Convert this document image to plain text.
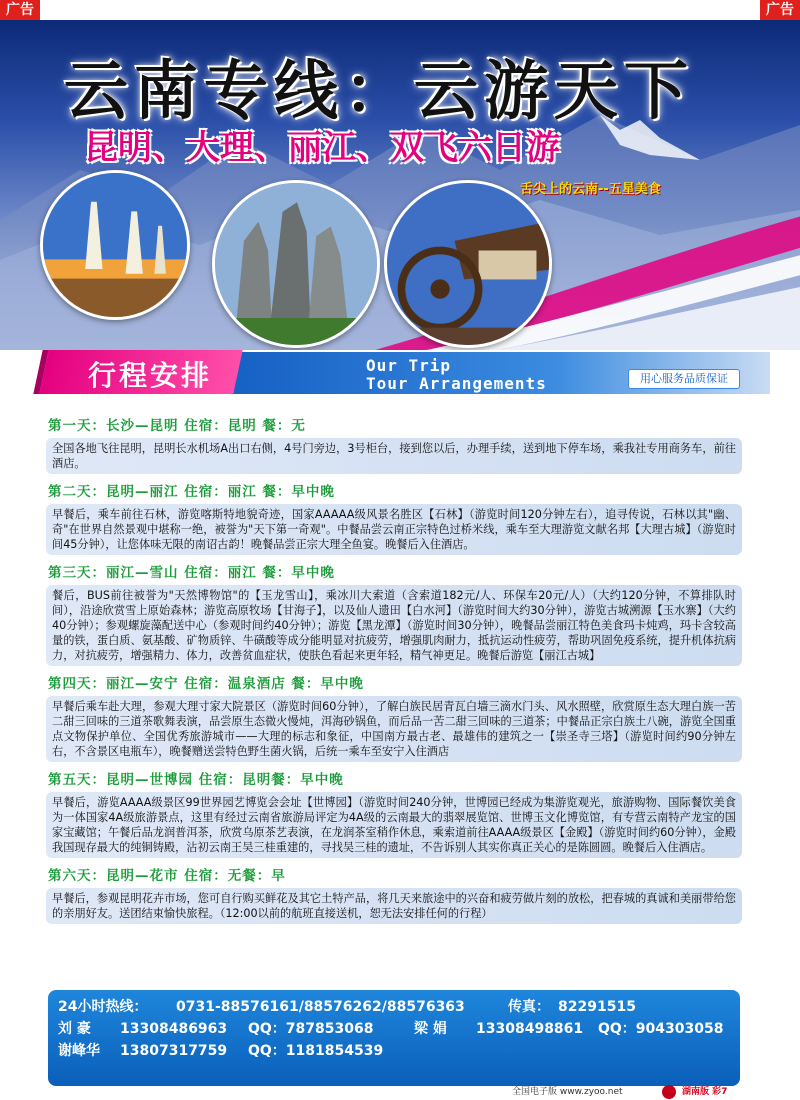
广告	广告
云南专线：云游天下
昆明、大理、丽江、双飞六日游
舌尖上的云南--五星美食
行程安排	Our Trip
Tour Arrangements	用心服务品质保证
第一天：长沙—昆明 住宿：昆明 餐：无
全国各地飞往昆明，昆明长水机场A出口右侧，4号门旁边，3号柜台，接到您以后，办理手续，送到地下停车场，乘我社专用商务车，前往酒店。
第二天：昆明—丽江 住宿：丽江 餐：早中晚
早餐后，乘车前往石林，游览喀斯特地貌奇迹，国家AAAAA级风景名胜区【石林】（游览时间120分钟左右），追寻传说，石林以其"幽、奇"在世界自然景观中堪称一绝，被誉为"天下第一奇观"。中餐品尝云南正宗特色过桥米线，乘车至大理游览文献名邦【大理古城】（游览时间45分钟），让您体味无限的南诏古韵！晚餐品尝正宗大理全鱼宴。晚餐后入住酒店。
第三天：丽江—雪山 住宿：丽江 餐：早中晚
餐后，BUS前往被誉为"天然博物馆"的【玉龙雪山】，乘冰川大索道（含索道182元/人、环保车20元/人）（大约120分钟，不算排队时间），沿途欣赏雪上原始森林；游览高原牧场【甘海子】，以及仙人遗田【白水河】（游览时间大约30分钟），游览古城溯源【玉水寨】（大约40分钟）；参观螺旋藻配送中心（参观时间约40分钟）；游览【黑龙潭】（游览时间30分钟），晚餐品尝丽江特色美食玛卡炖鸡，玛卡含较高量的铁，蛋白质、氨基酸、矿物质锌、牛磺酸等成分能明显对抗疲劳，增强肌肉耐力，抵抗运动性疲劳，帮助巩固免疫系统，提升机体抗病力，对抗疲劳，增强精力、体力，改善贫血症状，使肤色看起来更年轻，精气神更足。晚餐后游览【丽江古城】
第四天：丽江—安宁 住宿：温泉酒店 餐：早中晚
早餐后乘车赴大理，参观大理寸家大院景区（游览时间60分钟），了解白族民居青瓦白墙三滴水门头、风水照壁，欣赏原生态大理白族一苦二甜三回味的三道茶歌舞表演，品尝原生态微火慢炖，洱海砂锅鱼，而后品一苦二甜三回味的三道茶；中餐品正宗白族土八碗，游览全国重点文物保护单位、全国优秀旅游城市——大理的标志和象征，中国南方最古老、最雄伟的建筑之一【崇圣寺三塔】（游览时间约90分钟左右，不含景区电瓶车），晚餐赠送尝特色野生菌火锅，后统一乘车至安宁入住酒店
第五天：昆明—世博园 住宿：昆明餐：早中晚
早餐后，游览AAAA级景区99世界园艺博览会会址【世博园】（游览时间240分钟，世博园已经成为集游览观光，旅游购物、国际餐饮美食为一体国家4A级旅游景点，这里有经过云南省旅游局评定为4A级的云南最大的翡翠展览馆、世博玉文化博览馆，有专营云南特产龙宝的国家宝藏馆；午餐后品龙润普洱茶，欣赏乌原茶艺表演，在龙润茶室稍作休息，乘索道前往AAAA级景区【金殿】（游览时间约60分钟），金殿我国现存最大的纯铜铸殿，沾初云南王吴三桂重建的，寻找吴三桂的遗址，不告诉别人其实你真正关心的是陈圆圆。晚餐后入住酒店。
第六天：昆明—花市 住宿：无餐：早
早餐后，参观昆明花卉市场，您可自行购买鲜花及其它土特产品，将几天来旅途中的兴奋和疲劳做片刻的放松，把春城的真诚和美丽带给您的亲朋好友。送团结束愉快旅程。（12:00以前的航班直接送机，恕无法安排任何的行程）
24小时热线： 0731-88576161/88576262/88576363	传真： 82291515
刘 豪 13308486963 QQ：787853068	梁 娟 13308498861 QQ：904303058
谢峰华 13807317759 QQ：1181854539
全国电子版 www.zyoo.net	湖南版 彩7
